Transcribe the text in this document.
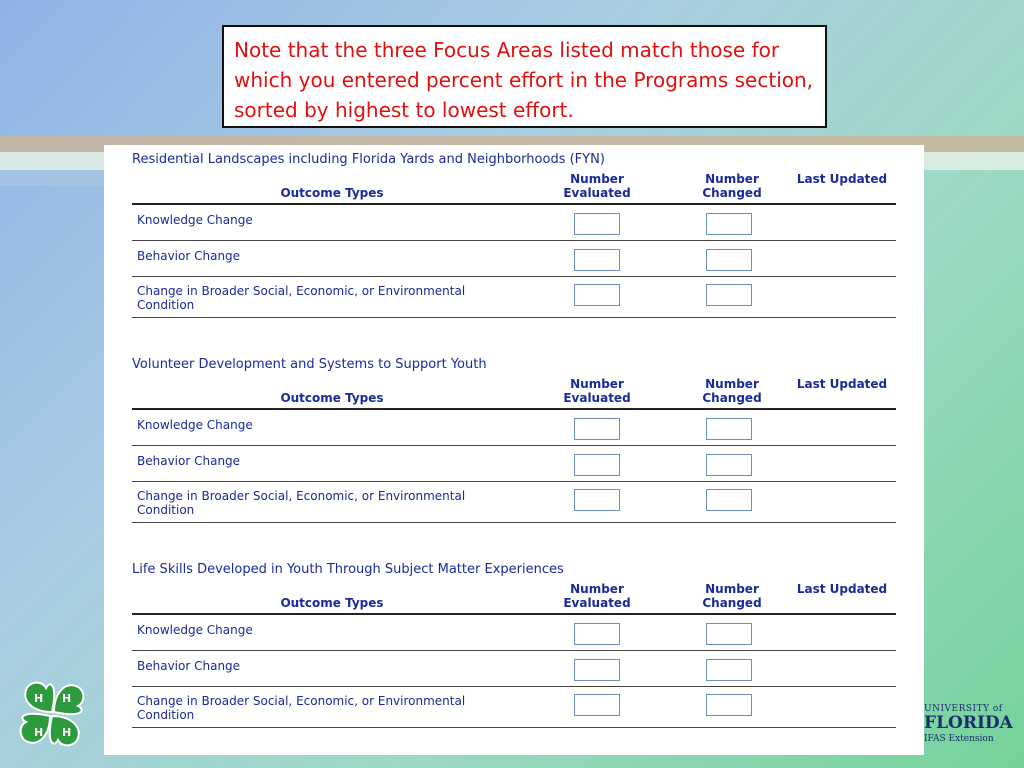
Residential Landscapes including Florida Yards and Neighborhoods (FYN)
Outcome Types
Number Evaluated
Number Changed
Last Updated
Knowledge Change
Behavior Change
Change in Broader Social, Economic, or Environmental Condition
Volunteer Development and Systems to Support Youth
Outcome Types
Number Evaluated
Number Changed
Last Updated
Knowledge Change
Behavior Change
Change in Broader Social, Economic, or Environmental Condition
Life Skills Developed in Youth Through Subject Matter Experiences
Outcome Types
Number Evaluated
Number Changed
Last Updated
Knowledge Change
Behavior Change
Change in Broader Social, Economic, or Environmental Condition
Note that the three Focus Areas listed match those for which you entered percent effort in the Programs section, sorted by highest to lowest effort.
H H
H H
UNIVERSITY of
FLORIDA
IFAS Extension
